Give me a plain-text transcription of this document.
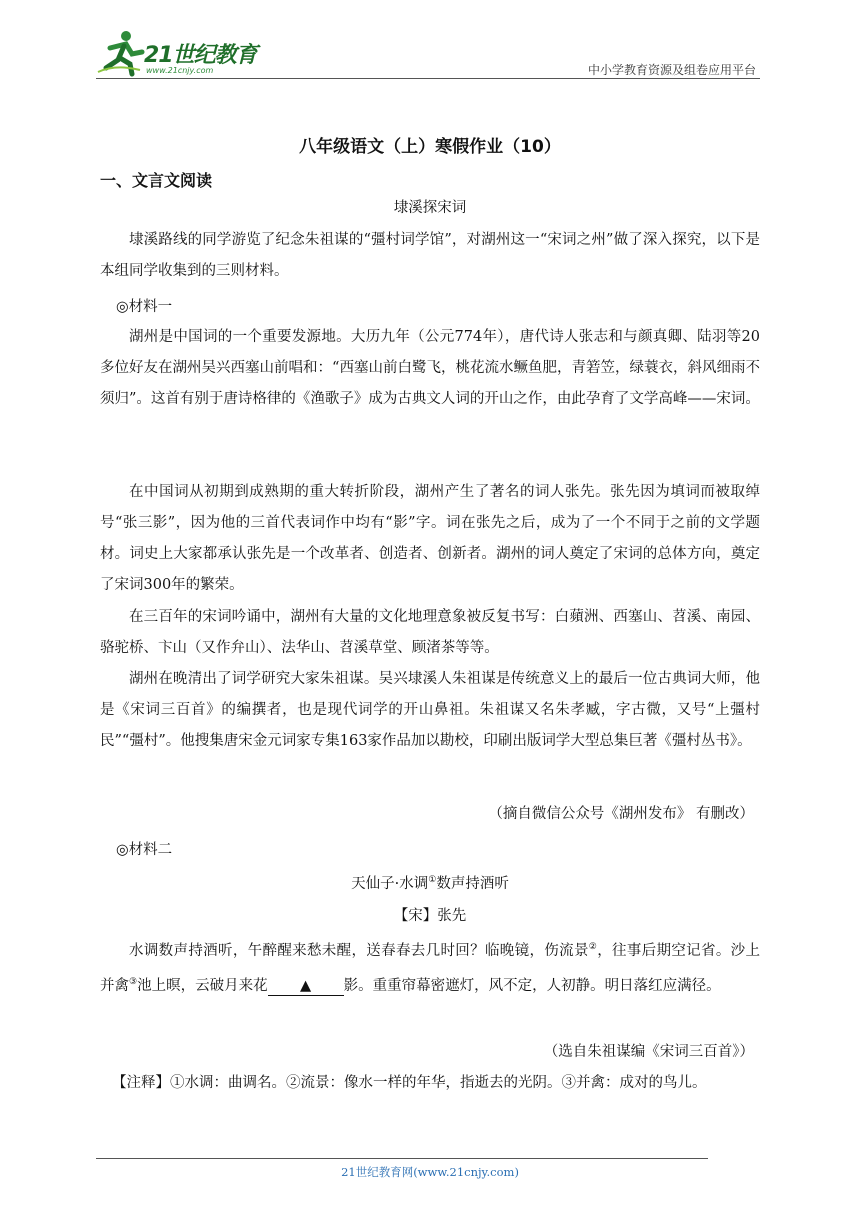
21世纪教育
www.21cnjy.com	中小学教育资源及组卷应用平台
八年级语文（上）寒假作业（10）
一、文言文阅读
埭溪探宋词
埭溪路线的同学游览了纪念朱祖谋的“彊村词学馆”，对湖州这一“宋词之州”做了深入探究，以下是本组同学收集到的三则材料。
◎材料一
湖州是中国词的一个重要发源地。大历九年（公元774年），唐代诗人张志和与颜真卿、陆羽等20多位好友在湖州吴兴西塞山前唱和：“西塞山前白鹭飞，桃花流水鳜鱼肥，青箬笠，绿蓑衣，斜风细雨不须归”。这首有别于唐诗格律的《渔歌子》成为古典文人词的开山之作，由此孕育了文学高峰——宋词。
在中国词从初期到成熟期的重大转折阶段，湖州产生了著名的词人张先。张先因为填词而被取绰号“张三影”，因为他的三首代表词作中均有“影”字。词在张先之后，成为了一个不同于之前的文学题材。词史上大家都承认张先是一个改革者、创造者、创新者。湖州的词人奠定了宋词的总体方向，奠定了宋词300年的繁荣。
在三百年的宋词吟诵中，湖州有大量的文化地理意象被反复书写：白蘋洲、西塞山、苕溪、南园、骆驼桥、卞山（又作弁山）、法华山、苕溪草堂、顾渚茶等等。
湖州在晚清出了词学研究大家朱祖谋。吴兴埭溪人朱祖谋是传统意义上的最后一位古典词大师，他是《宋词三百首》的编撰者，也是现代词学的开山鼻祖。朱祖谋又名朱孝臧，字古微，又号“上彊村民”“彊村”。他搜集唐宋金元词家专集163家作品加以勘校，印刷出版词学大型总集巨著《彊村丛书》。
（摘自微信公众号《湖州发布》 有删改）
◎材料二
天仙子·水调①数声持酒听
【宋】张先
水调数声持酒听，午醉醒来愁未醒，送春春去几时回？临晚镜，伤流景②，往事后期空记省。沙上并禽③池上暝，云破月来花 ▲ 影。重重帘幕密遮灯，风不定，人初静。明日落红应满径。
（选自朱祖谋编《宋词三百首》）
【注释】①水调：曲调名。②流景：像水一样的年华，指逝去的光阴。③并禽：成对的鸟儿。
21世纪教育网(www.21cnjy.com)
